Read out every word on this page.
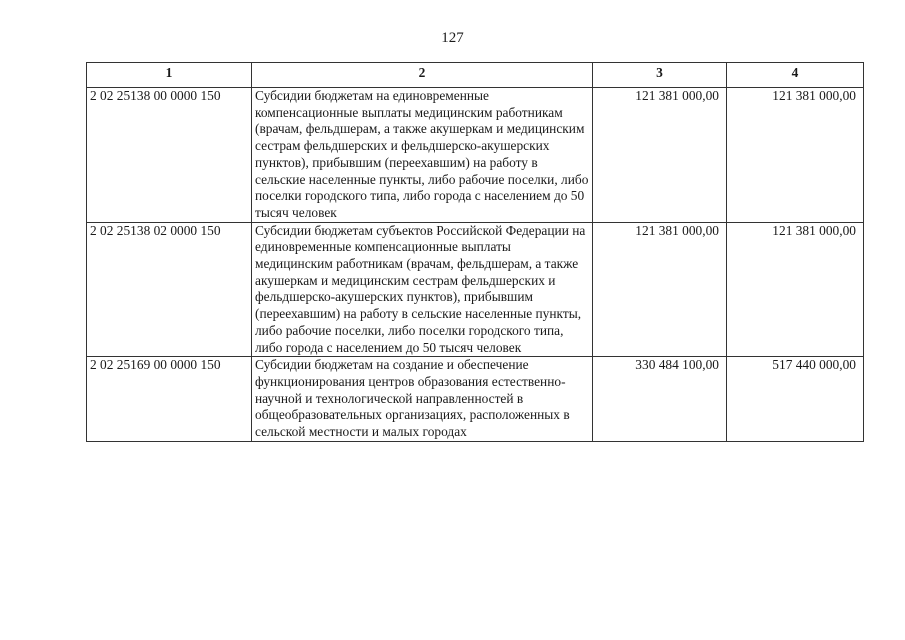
127
1	2	3	4
2 02 25138 00 0000 150	Субсидии бюджетам на единовременные компенсационные выплаты медицинским работникам (врачам, фельдшерам, а также акушеркам и медицинским сестрам фельдшерских и фельдшерско-акушерских пунктов), прибывшим (переехавшим) на работу в сельские населенные пункты, либо рабочие поселки, либо поселки городского типа, либо города с населением до 50 тысяч человек	121 381 000,00	121 381 000,00
2 02 25138 02 0000 150	Субсидии бюджетам субъектов Российской Федерации на единовременные компенсационные выплаты медицинским работникам (врачам, фельдшерам, а также акушеркам и медицинским сестрам фельдшерских и фельдшерско-акушерских пунктов), прибывшим (переехавшим) на работу в сельские населенные пункты, либо рабочие поселки, либо поселки городского типа, либо города с населением до 50 тысяч человек	121 381 000,00	121 381 000,00
2 02 25169 00 0000 150	Субсидии бюджетам на создание и обеспечение функционирования центров образования естественно-научной и технологической направленностей в общеобразовательных организациях, расположенных в сельской местности и малых городах	330 484 100,00	517 440 000,00
